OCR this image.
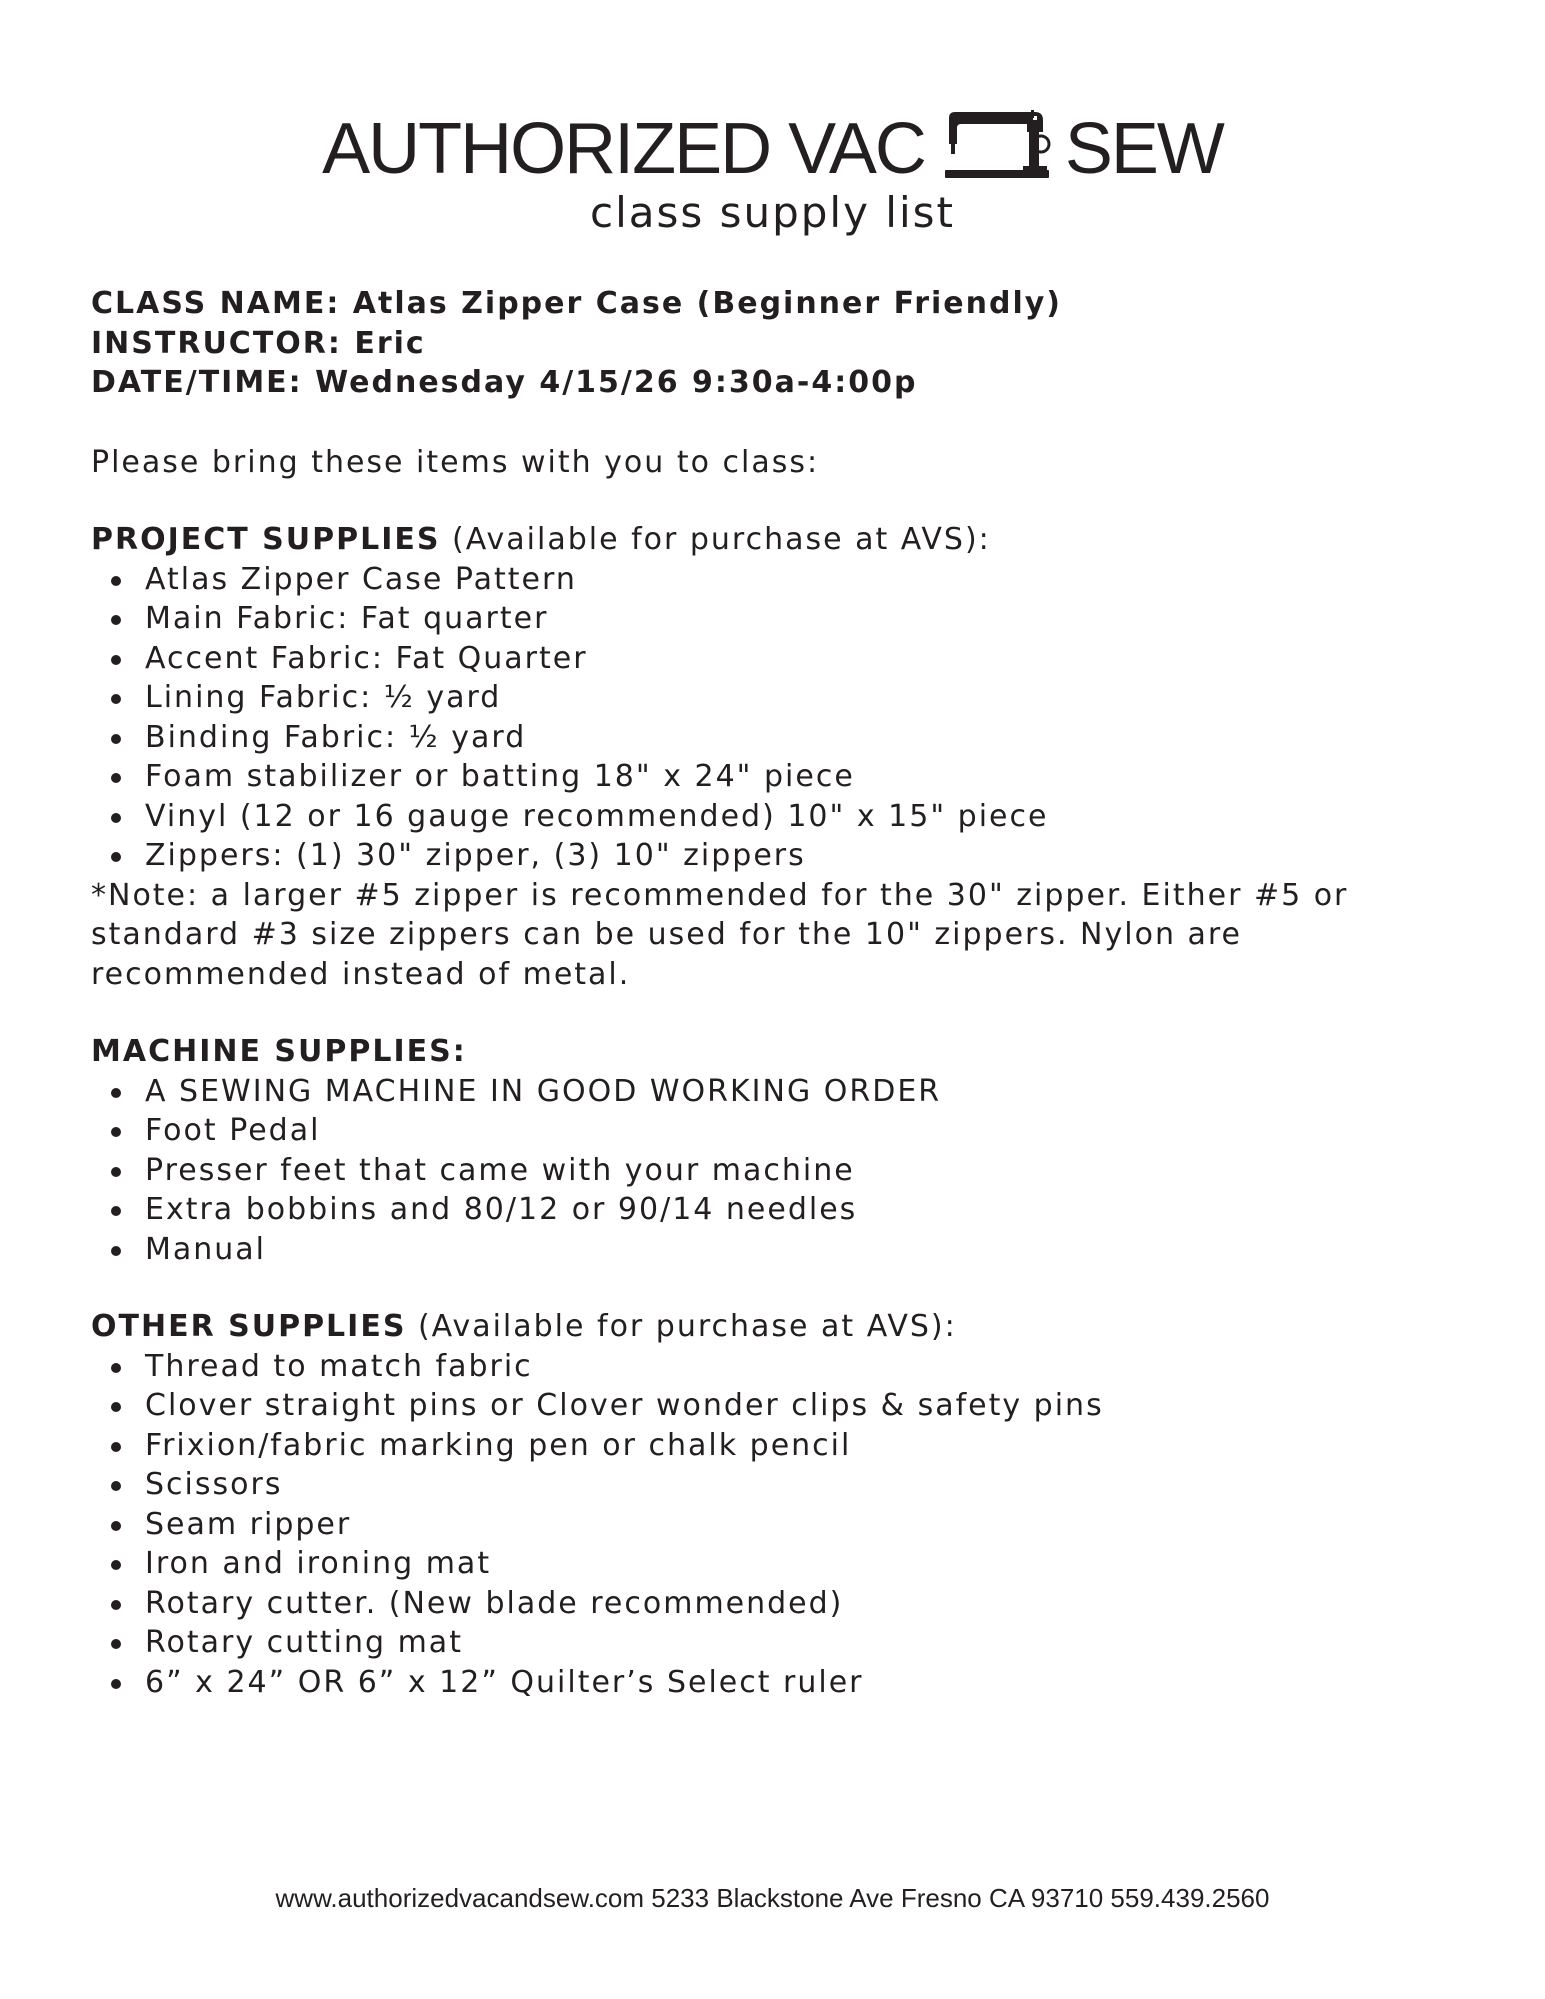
AUTHORIZED VAC SEW
class supply list
CLASS NAME: Atlas Zipper Case (Beginner Friendly)
INSTRUCTOR: Eric
DATE/TIME: Wednesday 4/15/26 9:30a-4:00p
Please bring these items with you to class:
PROJECT SUPPLIES (Available for purchase at AVS):
Atlas Zipper Case Pattern
Main Fabric: Fat quarter
Accent Fabric: Fat Quarter
Lining Fabric: ½ yard
Binding Fabric: ½ yard
Foam stabilizer or batting 18" x 24" piece
Vinyl (12 or 16 gauge recommended) 10" x 15" piece
Zippers: (1) 30" zipper, (3) 10" zippers
*Note: a larger #5 zipper is recommended for the 30" zipper. Either #5 or standard #3 size zippers can be used for the 10" zippers. Nylon are recommended instead of metal.
MACHINE SUPPLIES:
A SEWING MACHINE IN GOOD WORKING ORDER
Foot Pedal
Presser feet that came with your machine
Extra bobbins and 80/12 or 90/14 needles
Manual
OTHER SUPPLIES (Available for purchase at AVS):
Thread to match fabric
Clover straight pins or Clover wonder clips & safety pins
Frixion/fabric marking pen or chalk pencil
Scissors
Seam ripper
Iron and ironing mat
Rotary cutter. (New blade recommended)
Rotary cutting mat
6” x 24” OR 6” x 12” Quilter’s Select ruler
www.authorizedvacandsew.com 5233 Blackstone Ave Fresno CA 93710 559.439.2560
